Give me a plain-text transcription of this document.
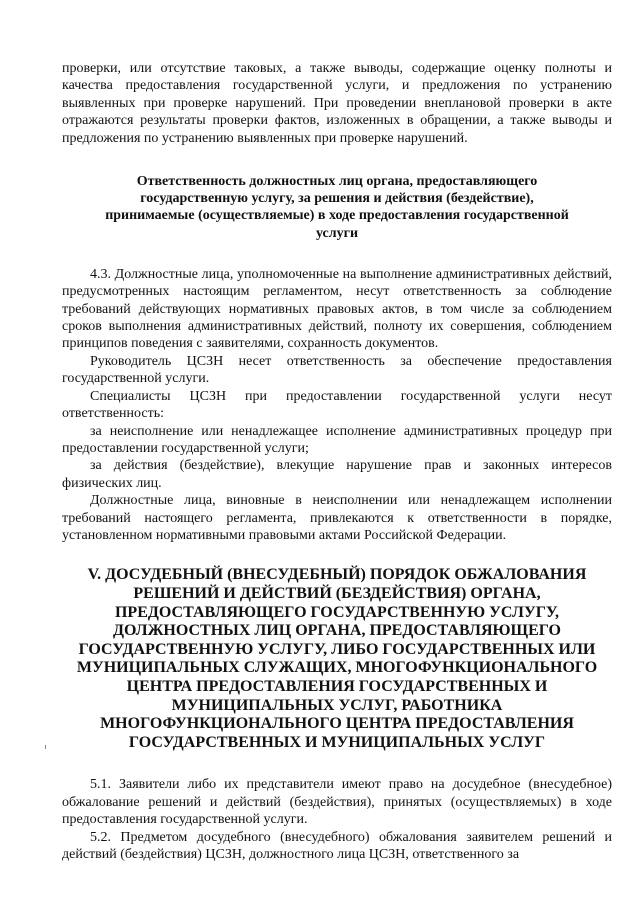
проверки, или отсутствие таковых, а также выводы, содержащие оценку полноты и качества предоставления государственной услуги, и предложения по устранению выявленных при проверке нарушений. При проведении внеплановой проверки в акте отражаются результаты проверки фактов, изложенных в обращении, а также выводы и предложения по устранению выявленных при проверке нарушений.

Ответственность должностных лиц органа, предоставляющего государственную услугу, за решения и действия (бездействие), принимаемые (осуществляемые) в ходе предоставления государственной услуги

4.3. Должностные лица, уполномоченные на выполнение административных действий, предусмотренных настоящим регламентом, несут ответственность за соблюдение требований действующих нормативных правовых актов, в том числе за соблюдением сроков выполнения административных действий, полноту их совершения, соблюдением принципов поведения с заявителями, сохранность документов.

Руководитель ЦСЗН несет ответственность за обеспечение предоставления государственной услуги.

Специалисты ЦСЗН при предоставлении государственной услуги несут ответственность:

за неисполнение или ненадлежащее исполнение административных процедур при предоставлении государственной услуги;

за действия (бездействие), влекущие нарушение прав и законных интересов физических лиц.

Должностные лица, виновные в неисполнении или ненадлежащем исполнении требований настоящего регламента, привлекаются к ответственности в порядке, установленном нормативными правовыми актами Российской Федерации.

V. ДОСУДЕБНЫЙ (ВНЕСУДЕБНЫЙ) ПОРЯДОК ОБЖАЛОВАНИЯ РЕШЕНИЙ И ДЕЙСТВИЙ (БЕЗДЕЙСТВИЯ) ОРГАНА, ПРЕДОСТАВЛЯЮЩЕГО ГОСУДАРСТВЕННУЮ УСЛУГУ, ДОЛЖНОСТНЫХ ЛИЦ ОРГАНА, ПРЕДОСТАВЛЯЮЩЕГО ГОСУДАРСТВЕННУЮ УСЛУГУ, ЛИБО ГОСУДАРСТВЕННЫХ ИЛИ МУНИЦИПАЛЬНЫХ СЛУЖАЩИХ, МНОГОФУНКЦИОНАЛЬНОГО ЦЕНТРА ПРЕДОСТАВЛЕНИЯ ГОСУДАРСТВЕННЫХ И МУНИЦИПАЛЬНЫХ УСЛУГ, РАБОТНИКА МНОГОФУНКЦИОНАЛЬНОГО ЦЕНТРА ПРЕДОСТАВЛЕНИЯ ГОСУДАРСТВЕННЫХ И МУНИЦИПАЛЬНЫХ УСЛУГ

5.1. Заявители либо их представители имеют право на досудебное (внесудебное) обжалование решений и действий (бездействия), принятых (осуществляемых) в ходе предоставления государственной услуги.

5.2. Предметом досудебного (внесудебного) обжалования заявителем решений и действий (бездействия) ЦСЗН, должностного лица ЦСЗН, ответственного за
